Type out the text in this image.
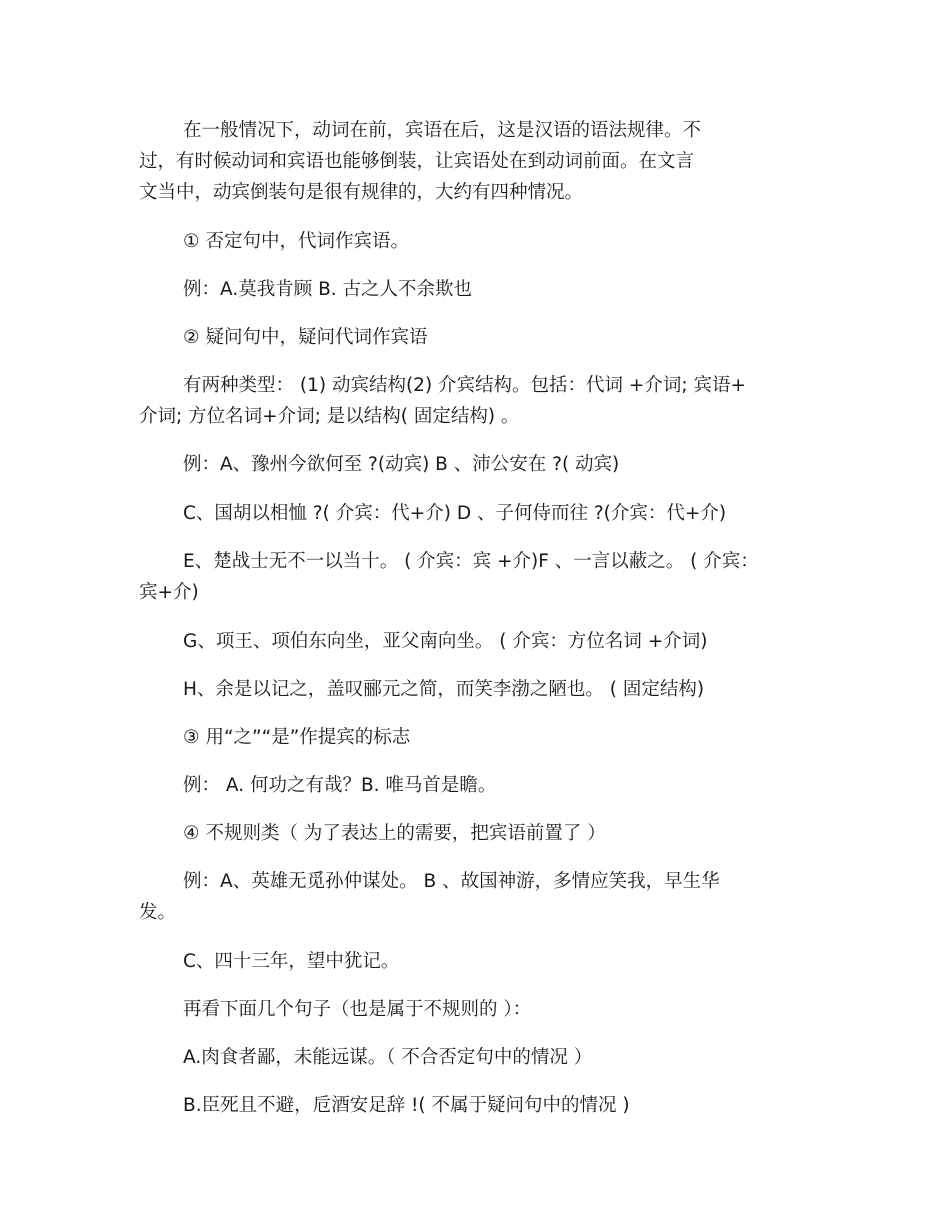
在一般情况下，动词在前，宾语在后，这是汉语的语法规律。不
过，有时候动词和宾语也能够倒装，让宾语处在到动词前面。在文言
文当中，动宾倒装句是很有规律的，大约有四种情况。
① 否定句中，代词作宾语。
例：A.莫我肯顾 B. 古之人不余欺也
② 疑问句中，疑问代词作宾语
有两种类型： (1) 动宾结构(2) 介宾结构。包括：代词 +介词; 宾语+
介词; 方位名词+介词; 是以结构( 固定结构) 。
例：A、豫州今欲何至 ?(动宾) B 、沛公安在 ?( 动宾)
C、国胡以相恤 ?( 介宾：代+介) D 、子何侍而往 ?(介宾：代+介)
E、楚战士无不一以当十。 ( 介宾：宾 +介)F 、一言以蔽之。 ( 介宾：
宾+介)
G、项王、项伯东向坐，亚父南向坐。 ( 介宾：方位名词 +介词)
H、余是以记之，盖叹郦元之简，而笑李渤之陋也。 ( 固定结构)
③ 用“之”“是”作提宾的标志
例： A. 何功之有哉？B. 唯马首是瞻。
④ 不规则类（ 为了表达上的需要，把宾语前置了 ）
例：A、英雄无觅孙仲谋处。 B 、故国神游，多情应笑我，早生华
发。
C、四十三年，望中犹记。
再看下面几个句子（也是属于不规则的 ）：
A.肉食者鄙，未能远谋。（ 不合否定句中的情况 ）
B.臣死且不避，卮酒安足辞 !( 不属于疑问句中的情况 )
